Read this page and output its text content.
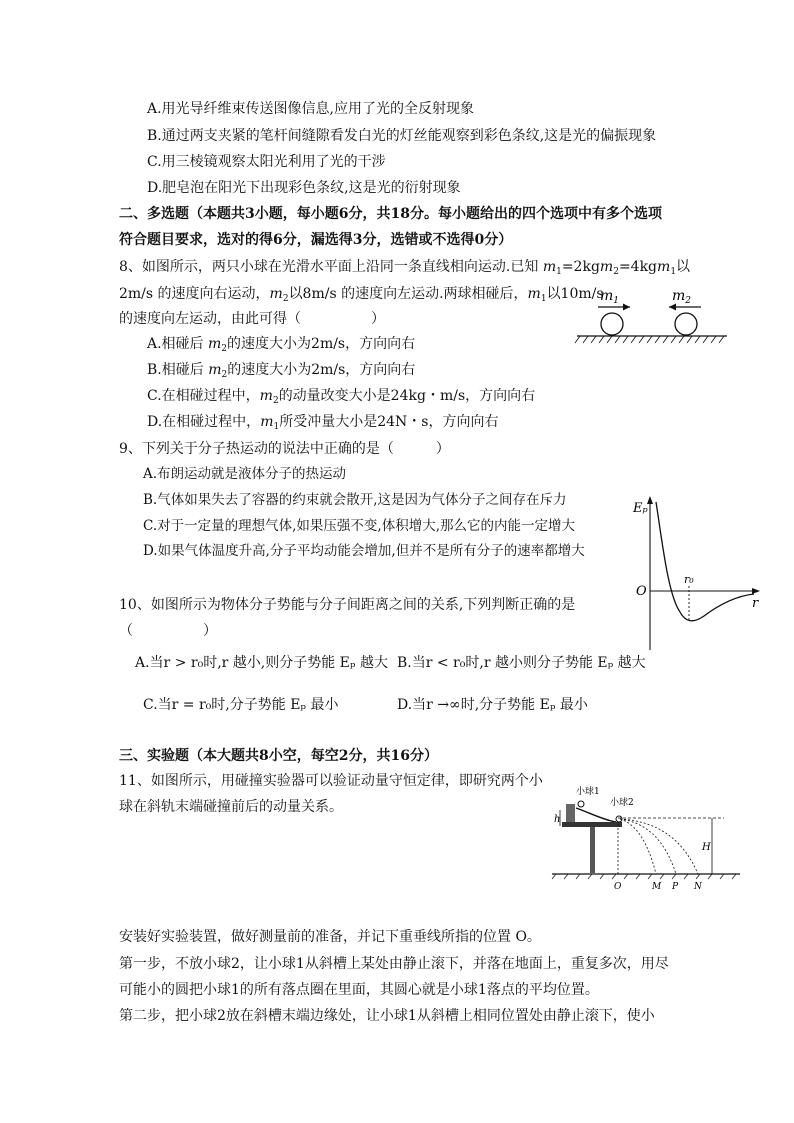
A.用光导纤维束传送图像信息,应用了光的全反射现象
B.通过两支夹紧的笔杆间缝隙看发白光的灯丝能观察到彩色条纹,这是光的偏振现象
C.用三棱镜观察太阳光利用了光的干涉
D.肥皂泡在阳光下出现彩色条纹,这是光的衍射现象
二、多选题（本题共3小题，每小题6分，共18分。每小题给出的四个选项中有多个选项
符合题目要求，选对的得6分，漏选得3分，选错或不选得0分）
8、如图所示，两只小球在光滑水平面上沿同一条直线相向运动.已知 $m_1=2kgm_2=4kgm_1$以
2m/s 的速度向右运动，$m_2$以8m/s 的速度向左运动.两球相碰后，$m_1$以10m/s
的速度向左运动，由此可得（　　　　　）
A.相碰后 $m_2$的速度大小为2m/s，方向向右
B.相碰后 $m_2$的速度大小为2m/s，方向向右
C.在相碰过程中，$m_2$的动量改变大小是24kg・m/s，方向向右
D.在相碰过程中，$m_1$所受冲量大小是24N・s，方向向右
$m_1$	$m_2$
9、下列关于分子热运动的说法中正确的是（　　　）
A.布朗运动就是液体分子的热运动
B.气体如果失去了容器的约束就会散开,这是因为气体分子之间存在斥力
C.对于一定量的理想气体,如果压强不变,体积增大,那么它的内能一定增大
D.如果气体温度升高,分子平均动能会增加,但并不是所有分子的速率都增大
Eₚ
O
r₀
r
10、如图所示为物体分子势能与分子间距离之间的关系,下列判断正确的是
（　　　　　）
A.当r > r₀时,r 越小,则分子势能 Eₚ 越大 B.当r < r₀时,r 越小则分子势能 Eₚ 越大
C.当r = r₀时,分子势能 Eₚ 最小	D.当r →∞时,分子势能 Eₚ 最小
三、实验题（本大题共8小空，每空2分，共16分）
11、如图所示，用碰撞实验器可以验证动量守恒定律，即研究两个小
球在斜轨末端碰撞前后的动量关系。
小球1
小球2
h
H
O	M P N
安装好实验装置，做好测量前的准备，并记下重垂线所指的位置 O。
第一步，不放小球2，让小球1从斜槽上某处由静止滚下，并落在地面上，重复多次，用尽
可能小的圆把小球1的所有落点圈在里面，其圆心就是小球1落点的平均位置。
第二步，把小球2放在斜槽末端边缘处，让小球1从斜槽上相同位置处由静止滚下，使小
